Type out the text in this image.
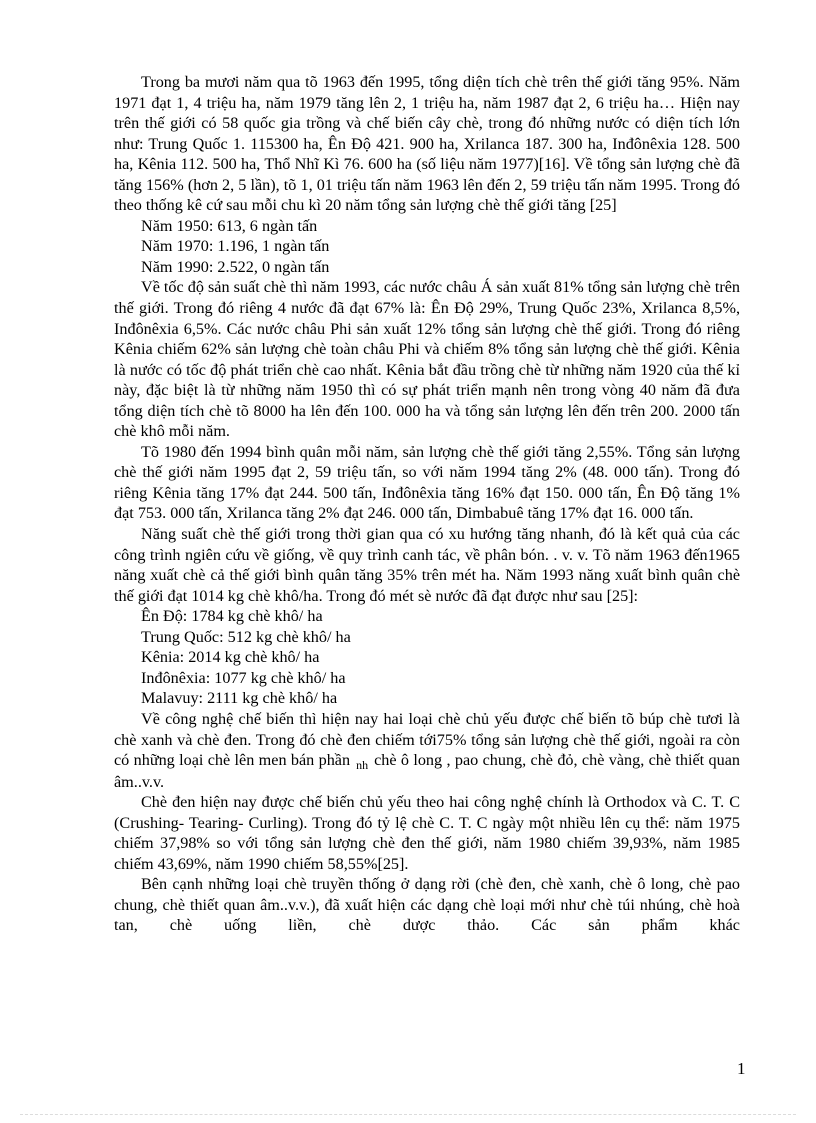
Trong ba mươi năm qua tõ 1963 đến 1995, tổng diện tích chè trên thế giới tăng 95%. Năm 1971 đạt 1, 4 triệu ha, năm 1979 tăng lên 2, 1 triệu ha, năm 1987 đạt 2, 6 triệu ha… Hiện nay trên thế giới có 58 quốc gia trồng và chế biến cây chè, trong đó những nước có diện tích lớn như: Trung Quốc 1. 115300 ha, Ên Độ 421. 900 ha, Xrilanca 187. 300 ha, Inđônêxia 128. 500 ha, Kênia 112. 500 ha, Thổ Nhĩ Kì 76. 600 ha (số liệu năm 1977)[16]. Về tổng sản lượng chè đã tăng 156% (hơn 2, 5 lần), tõ 1, 01 triệu tấn năm 1963 lên đến 2, 59 triệu tấn năm 1995. Trong đó theo thống kê cứ sau mỗi chu kì 20 năm tổng sản lượng chè thế giới tăng [25]

Năm 1950: 613, 6 ngàn tấn

Năm 1970: 1.196, 1 ngàn tấn

Năm 1990: 2.522, 0 ngàn tấn

Về tốc độ sản suất chè thì năm 1993, các nước châu Á sản xuất 81% tổng sản lượng chè trên thế giới. Trong đó riêng 4 nước đã đạt 67% là: Ên Độ 29%, Trung Quốc 23%, Xrilanca 8,5%, Inđônêxia 6,5%. Các nước châu Phi sản xuất 12% tổng sản lượng chè thế giới. Trong đó riêng Kênia chiếm 62% sản lượng chè toàn châu Phi và chiếm 8% tổng sản lượng chè thế giới. Kênia là nước có tốc độ phát triển chè cao nhất. Kênia bắt đầu trồng chè từ những năm 1920 của thế kỉ này, đặc biệt là từ những năm 1950 thì có sự phát triển mạnh nên trong vòng 40 năm đã đưa tổng diện tích chè tõ 8000 ha lên đến 100. 000 ha và tổng sản lượng lên đến trên 200. 2000 tấn chè khô mỗi năm.

Tõ 1980 đến 1994 bình quân mỗi năm, sản lượng chè thế giới tăng 2,55%. Tổng sản lượng chè thế giới năm 1995 đạt 2, 59 triệu tấn, so với năm 1994 tăng 2% (48. 000 tấn). Trong đó riêng Kênia tăng 17% đạt 244. 500 tấn, Inđônêxia tăng 16% đạt 150. 000 tấn, Ên Độ tăng 1% đạt 753. 000 tấn, Xrilanca tăng 2% đạt 246. 000 tấn, Dimbabuê tăng 17% đạt 16. 000 tấn.

Năng suất chè thế giới trong thời gian qua có xu hướng tăng nhanh, đó là kết quả của các công trình ngiên cứu về giống, về quy trình canh tác, về phân bón. . v. v. Tõ năm 1963 đến1965 năng xuất chè cả thế giới bình quân tăng 35% trên mét ha. Năm 1993 năng xuất bình quân chè thế giới đạt 1014 kg chè khô/ha. Trong đó mét sè nước đã đạt được như sau [25]:

Ên Độ: 1784 kg chè khô/ ha

Trung Quốc: 512 kg chè khô/ ha

Kênia: 2014 kg chè khô/ ha

Inđônêxia: 1077 kg chè khô/ ha

Malavuy: 2111 kg chè khô/ ha

Về công nghệ chế biến thì hiện nay hai loại chè chủ yếu được chế biến tõ búp chè tươi là chè xanh và chè đen. Trong đó chè đen chiếm tới75% tổng sản lượng chè thế giới, ngoài ra còn có những loại chè lên men bán phần $_{nh}$ chè ô long , pao chung, chè đỏ, chè vàng, chè thiết quan âm..v.v.

Chè đen hiện nay được chế biến chủ yếu theo hai công nghệ chính là Orthodox và C. T. C (Crushing- Tearing- Curling). Trong đó tỷ lệ chè C. T. C ngày một nhiều lên cụ thể: năm 1975 chiếm 37,98% so với tổng sản lượng chè đen thế giới, năm 1980 chiếm 39,93%, năm 1985 chiếm 43,69%, năm 1990 chiếm 58,55%[25].

Bên cạnh những loại chè truyền thống ở dạng rời (chè đen, chè xanh, chè ô long, chè pao chung, chè thiết quan âm..v.v.), đã xuất hiện các dạng chè loại mới như chè túi nhúng, chè hoà tan, chè uống liền, chè dược thảo. Các sản phẩm khác

1
